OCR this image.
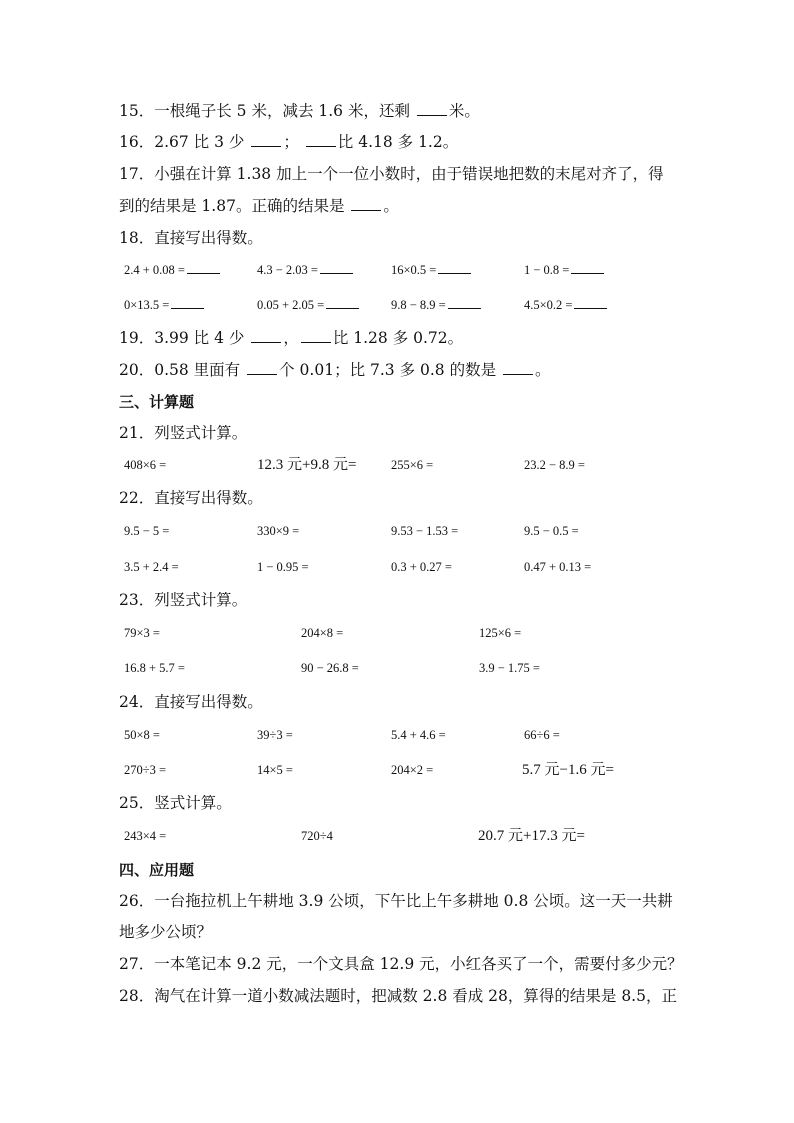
15．一根绳子长 5 米，减去 1.6 米，还剩	米。
16．2.67 比 3 少	；	比 4.18 多 1.2。
17．小强在计算 1.38 加上一个一位小数时，由于错误地把数的末尾对齐了，得
到的结果是 1.87。正确的结果是	。
18．直接写出得数。
2.4 + 0.08 =	4.3 − 2.03 =	16×0.5 =	1 − 0.8 =
0×13.5 =	0.05 + 2.05 =	9.8 − 8.9 =	4.5×0.2 =
19．3.99 比 4 少	， 比 1.28 多 0.72。
20．0.58 里面有	个 0.01；比 7.3 多 0.8 的数是	。
三、计算题
21．列竖式计算。
408×6 =	12.3 元+9.8 元=	255×6 =	23.2 − 8.9 =
22．直接写出得数。
9.5 − 5 =	330×9 =	9.53 − 1.53 =	9.5 − 0.5 =
3.5 + 2.4 =	1 − 0.95 =	0.3 + 0.27 =	0.47 + 0.13 =
23．列竖式计算。
79×3 =	204×8 =	125×6 =
16.8 + 5.7 =	90 − 26.8 =	3.9 − 1.75 =
24．直接写出得数。
50×8 =	39÷3 =	5.4 + 4.6 =	66÷6 =
270÷3 =	14×5 =	204×2 =	5.7 元−1.6 元=
25．竖式计算。
243×4 =	720÷4	20.7 元+17.3 元=
四、应用题
26．一台拖拉机上午耕地 3.9 公顷，下午比上午多耕地 0.8 公顷。这一天一共耕
地多少公顷？
27．一本笔记本 9.2 元，一个文具盒 12.9 元，小红各买了一个，需要付多少元？
28．淘气在计算一道小数减法题时，把减数 2.8 看成 28，算得的结果是 8.5，正
